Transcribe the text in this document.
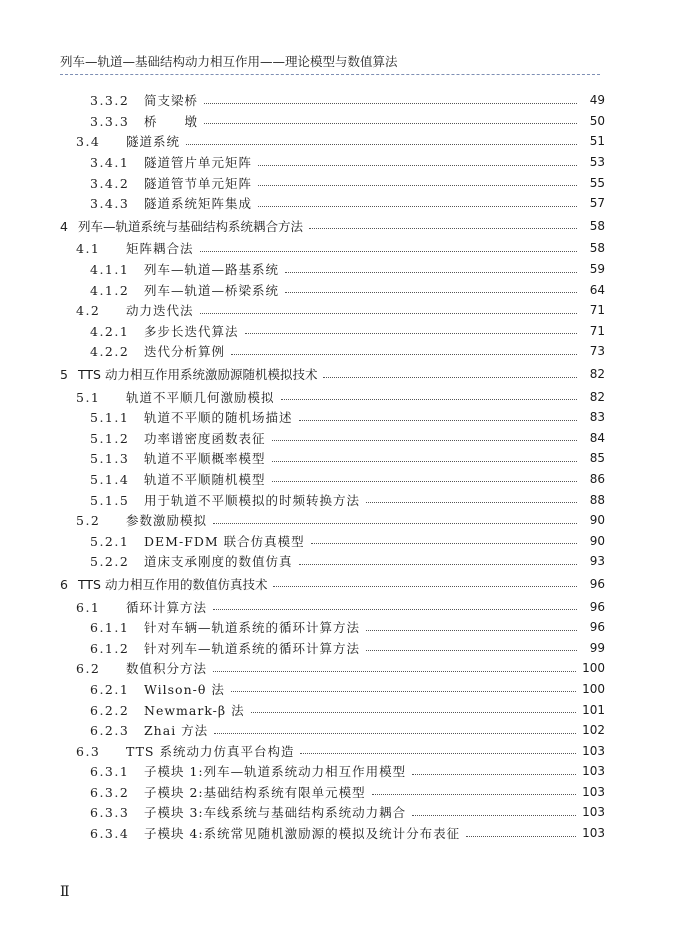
列车—轨道—基础结构动力相互作用——理论模型与数值算法
3.3.2 简支梁桥	49
3.3.3 桥　　墩	50
3.4 隧道系统	51
3.4.1 隧道管片单元矩阵	53
3.4.2 隧道管节单元矩阵	55
3.4.3 隧道系统矩阵集成	57
4 列车—轨道系统与基础结构系统耦合方法	58
4.1 矩阵耦合法	58
4.1.1 列车—轨道—路基系统	59
4.1.2 列车—轨道—桥梁系统	64
4.2 动力迭代法	71
4.2.1 多步长迭代算法	71
4.2.2 迭代分析算例	73
5 TTS 动力相互作用系统激励源随机模拟技术	82
5.1 轨道不平顺几何激励模拟	82
5.1.1 轨道不平顺的随机场描述	83
5.1.2 功率谱密度函数表征	84
5.1.3 轨道不平顺概率模型	85
5.1.4 轨道不平顺随机模型	86
5.1.5 用于轨道不平顺模拟的时频转换方法	88
5.2 参数激励模拟	90
5.2.1 DEM-FDM 联合仿真模型	90
5.2.2 道床支承刚度的数值仿真	93
6 TTS 动力相互作用的数值仿真技术	96
6.1 循环计算方法	96
6.1.1 针对车辆—轨道系统的循环计算方法	96
6.1.2 针对列车—轨道系统的循环计算方法	99
6.2 数值积分方法	100
6.2.1 Wilson-θ 法	100
6.2.2 Newmark-β 法	101
6.2.3 Zhai 方法	102
6.3 TTS 系统动力仿真平台构造	103
6.3.1 子模块 1:列车—轨道系统动力相互作用模型	103
6.3.2 子模块 2:基础结构系统有限单元模型	103
6.3.3 子模块 3:车线系统与基础结构系统动力耦合	103
6.3.4 子模块 4:系统常见随机激励源的模拟及统计分布表征	103
Ⅱ
